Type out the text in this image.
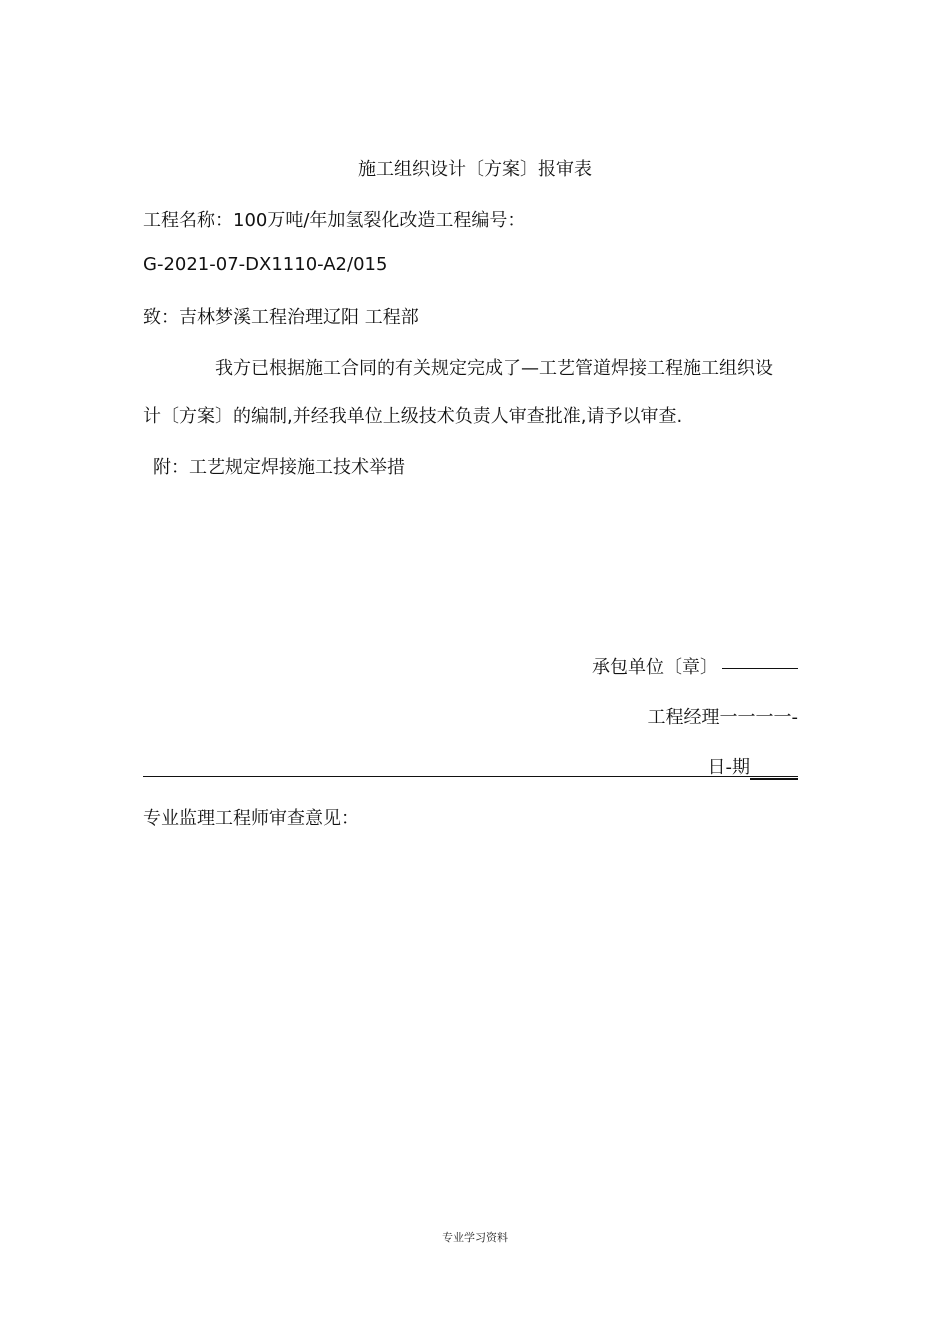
施工组织设计〔方案〕报审表
工程名称：100万吨/年加氢裂化改造工程编号：
G-2021-07-DX1110-A2/015
致：吉林梦溪工程治理辽阳 工程部
我方已根据施工合同的有关规定完成了—工艺管道焊接工程施工组织设
计〔方案〕的编制,并经我单位上级技术负责人审查批准,请予以审查.
附：工艺规定焊接施工技术举措
承包单位〔章〕
工程经理一一一一-
日-期
专业监理工程师审查意见：
专业学习资料
